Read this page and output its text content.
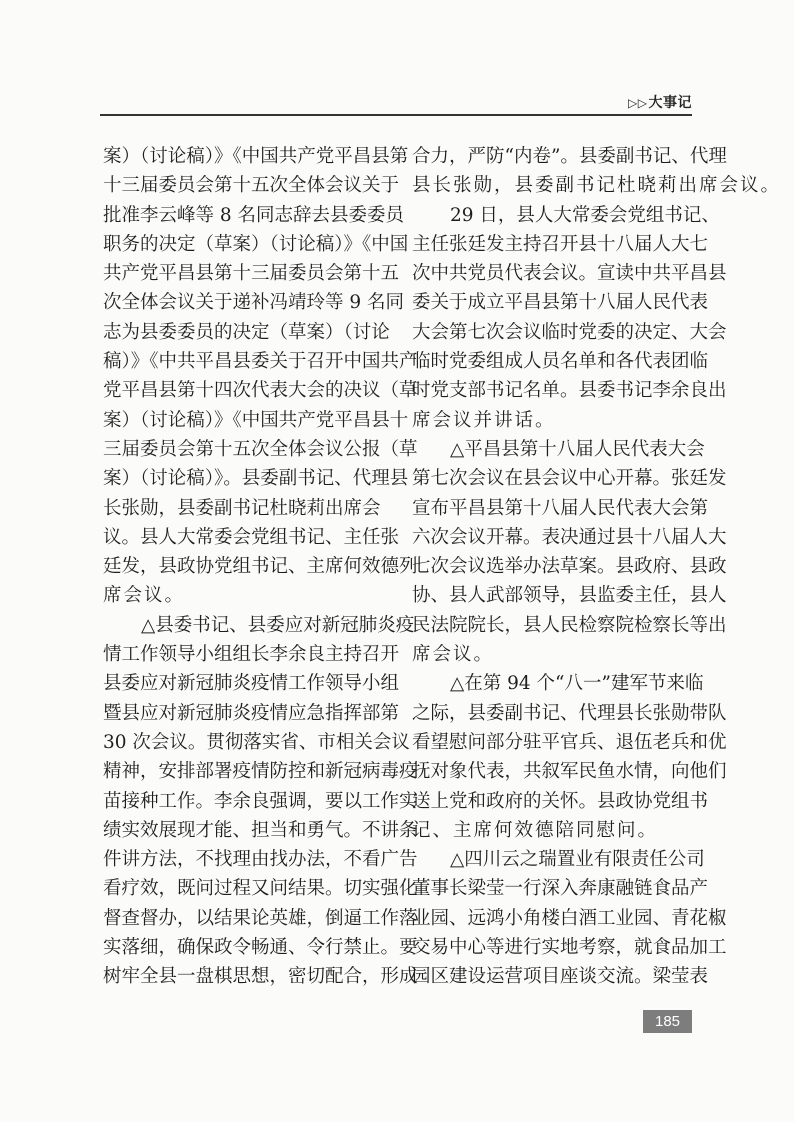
▷▷大事记
案）（讨论稿）》《中国共产党平昌县第
十三届委员会第十五次全体会议关于
批准李云峰等 8 名同志辞去县委委员
职务的决定（草案）（讨论稿）》《中国
共产党平昌县第十三届委员会第十五
次全体会议关于递补冯靖玲等 9 名同
志为县委委员的决定（草案）（讨论
稿）》《中共平昌县委关于召开中国共产
党平昌县第十四次代表大会的决议（草
案）（讨论稿）》《中国共产党平昌县十
三届委员会第十五次全体会议公报（草
案）（讨论稿）》。县委副书记、代理县
长张勋，县委副书记杜晓莉出席会
议。县人大常委会党组书记、主任张
廷发，县政协党组书记、主席何效德列
席会议。
△县委书记、县委应对新冠肺炎疫
情工作领导小组组长李余良主持召开
县委应对新冠肺炎疫情工作领导小组
暨县应对新冠肺炎疫情应急指挥部第
30 次会议。贯彻落实省、市相关会议
精神，安排部署疫情防控和新冠病毒疫
苗接种工作。李余良强调，要以工作实
绩实效展现才能、担当和勇气。不讲条
件讲方法，不找理由找办法，不看广告
看疗效，既问过程又问结果。切实强化
督查督办，以结果论英雄，倒逼工作落
实落细，确保政令畅通、令行禁止。要
树牢全县一盘棋思想，密切配合，形成
合力，严防“内卷”。县委副书记、代理
县长张勋，县委副书记杜晓莉出席会议。
29 日，县人大常委会党组书记、
主任张廷发主持召开县十八届人大七
次中共党员代表会议。宣读中共平昌县
委关于成立平昌县第十八届人民代表
大会第七次会议临时党委的决定、大会
临时党委组成人员名单和各代表团临
时党支部书记名单。县委书记李余良出
席会议并讲话。
△平昌县第十八届人民代表大会
第七次会议在县会议中心开幕。张廷发
宣布平昌县第十八届人民代表大会第
六次会议开幕。表决通过县十八届人大
七次会议选举办法草案。县政府、县政
协、县人武部领导，县监委主任，县人
民法院院长，县人民检察院检察长等出
席会议。
△在第 94 个“八一”建军节来临
之际，县委副书记、代理县长张勋带队
看望慰问部分驻平官兵、退伍老兵和优
抚对象代表，共叙军民鱼水情，向他们
送上党和政府的关怀。县政协党组书
记、主席何效德陪同慰问。
△四川云之瑞置业有限责任公司
董事长梁莹一行深入奔康融链食品产
业园、远鸿小角楼白酒工业园、青花椒
交易中心等进行实地考察，就食品加工
园区建设运营项目座谈交流。梁莹表
185
